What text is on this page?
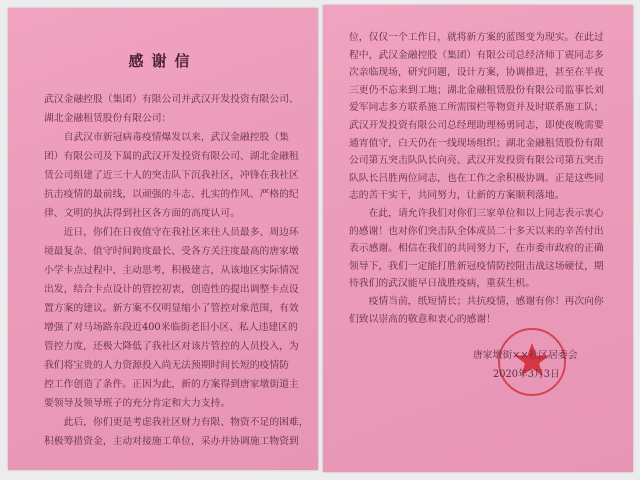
感谢信
武汉金融控股（集团）有限公司并武汉开发投资有限公司、
湖北金融租赁股份有限公司：
　　自武汉市新冠病毒疫情爆发以来，武汉金融控股（集
团）有限公司及下属的武汉开发投资有限公司、湖北金融租
赁公司组建了近三十人的突击队下沉我社区，冲锋在我社区
抗击疫情的最前线，以顽强的斗志、扎实的作风、严格的纪
律、文明的执法得到社区各方面的高度认可。
　　近日，你们在日夜值守在我社区来往人员最多、周边环
境最复杂、值守时间跨度最长、受各方关注度最高的唐家墩
小学卡点过程中，主动思考，积极建言，从该地区实际情况
出发，结合卡点设计的管控初衷，创造性的提出调整卡点设
置方案的建议。新方案不仅明显缩小了管控对象范围，有效
增强了对马场路东段近400米临街老旧小区、私人违建区的
管控力度，还极大降低了我社区对该片管控的人员投入，为
我们将宝贵的人力资源投入尚无法预期时间长短的疫情防
控工作创造了条件。正因为此，新的方案得到唐家墩街道主
要领导及领导班子的充分肯定和大力支持。
　　此后，你们更是考虑我社区财力有限、物资不足的困难，
积极筹措资金，主动对接施工单位，采办并协调施工物资到
位，仅仅一个工作日，就将新方案的蓝图变为现实。在此过
程中，武汉金融控股（集团）有限公司总经济师丁震同志多
次亲临现场，研究问题，设计方案，协调推进，甚至在半夜
三更仍不忘来到工地；湖北金融租赁股份有限公司监事长刘
爱军同志多方联系施工所需围栏等物资并及时联系施工队；
武汉开发投资有限公司总经理助理杨勇同志，即使夜晚需要
通宵值守，白天仍在一线现场组织；湖北金融租赁股份有限
公司第五突击队队长向亮、武汉开发投资有限公司第五突击
队队长吕胜两位同志，也在工作之余积极协调。正是这些同
志的苦干实干，共同努力，让新的方案顺利落地。
　　在此，请允许我们对你们三家单位和以上同志表示衷心
的感谢！也对你们突击队全体成员二十多天以来的辛苦付出
表示感谢。相信在我们的共同努力下，在市委市政府的正确
领导下，我们一定能打胜新冠疫情防控阻击战这场硬仗，期
待我们的武汉能早日战胜疫病，重获生机。
　　疫情当前，纸短情长；共抗疫情，感谢有你！再次向你
们致以崇高的敬意和衷心的感谢！
唐家墩街××社区居委会
2020年3月3日
